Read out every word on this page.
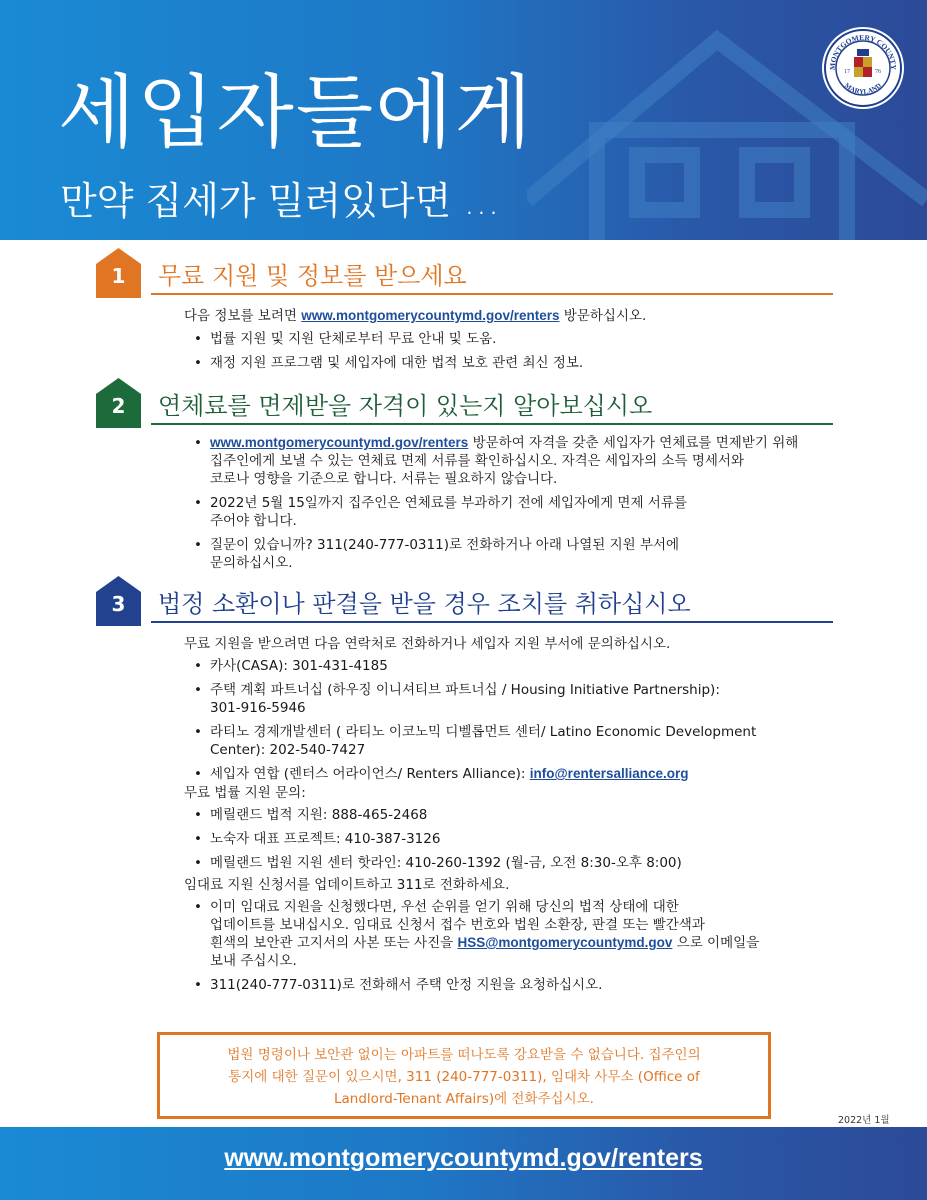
세입자들에게
만약 집세가 밀려있다면 ...
MONTGOMERY COUNTY
MARYLAND
17	76
1	무료 지원 및 정보를 받으세요
다음 정보를 보려면 www.montgomerycountymd.gov/renters 방문하십시오.
• 법률 지원 및 지원 단체로부터 무료 안내 및 도움.
• 재정 지원 프로그램 및 세입자에 대한 법적 보호 관련 최신 정보.
2	연체료를 면제받을 자격이 있는지 알아보십시오
• www.montgomerycountymd.gov/renters 방문하여 자격을 갖춘 세입자가 연체료를 면제받기 위해
집주인에게 보낼 수 있는 연체료 면제 서류를 확인하십시오. 자격은 세입자의 소득 명세서와
코로나 영향을 기준으로 합니다. 서류는 필요하지 않습니다.
• 2022년 5월 15일까지 집주인은 연체료를 부과하기 전에 세입자에게 면제 서류를
주어야 합니다.
• 질문이 있습니까? 311(240-777-0311)로 전화하거나 아래 나열된 지원 부서에
문의하십시오.
3	법정 소환이나 판결을 받을 경우 조치를 취하십시오
무료 지원을 받으려면 다음 연락처로 전화하거나 세입자 지원 부서에 문의하십시오.
• 카사(CASA): 301-431-4185
• 주택 계획 파트너십 (하우징 이니셔티브 파트너십 / Housing Initiative Partnership):
301-916-5946
• 라티노 경제개발센터 ( 라티노 이코노믹 디벨롭먼트 센터/ Latino Economic Development
Center): 202-540-7427
• 세입자 연합 (렌터스 어라이언스/ Renters Alliance): info@rentersalliance.org
무료 법률 지원 문의:
• 메릴랜드 법적 지원: 888-465-2468
• 노숙자 대표 프로젝트: 410-387-3126
• 메릴랜드 법원 지원 센터 핫라인: 410-260-1392 (월-금, 오전 8:30-오후 8:00)
임대료 지원 신청서를 업데이트하고 311로 전화하세요.
• 이미 임대료 지원을 신청했다면, 우선 순위를 얻기 위해 당신의 법적 상태에 대한
업데이트를 보내십시오. 임대료 신청서 접수 번호와 법원 소환장, 판결 또는 빨간색과
흰색의 보안관 고지서의 사본 또는 사진을 HSS@montgomerycountymd.gov 으로 이메일을
보내 주십시오.
• 311(240-777-0311)로 전화해서 주택 안정 지원을 요청하십시오.
법원 명령이나 보안관 없이는 아파트를 떠나도록 강요받을 수 없습니다. 집주인의
통지에 대한 질문이 있으시면, 311 (240-777-0311), 임대차 사무소 (Office of
Landlord-Tenant Affairs)에 전화주십시오.
2022년 1월
www.montgomerycountymd.gov/renters
